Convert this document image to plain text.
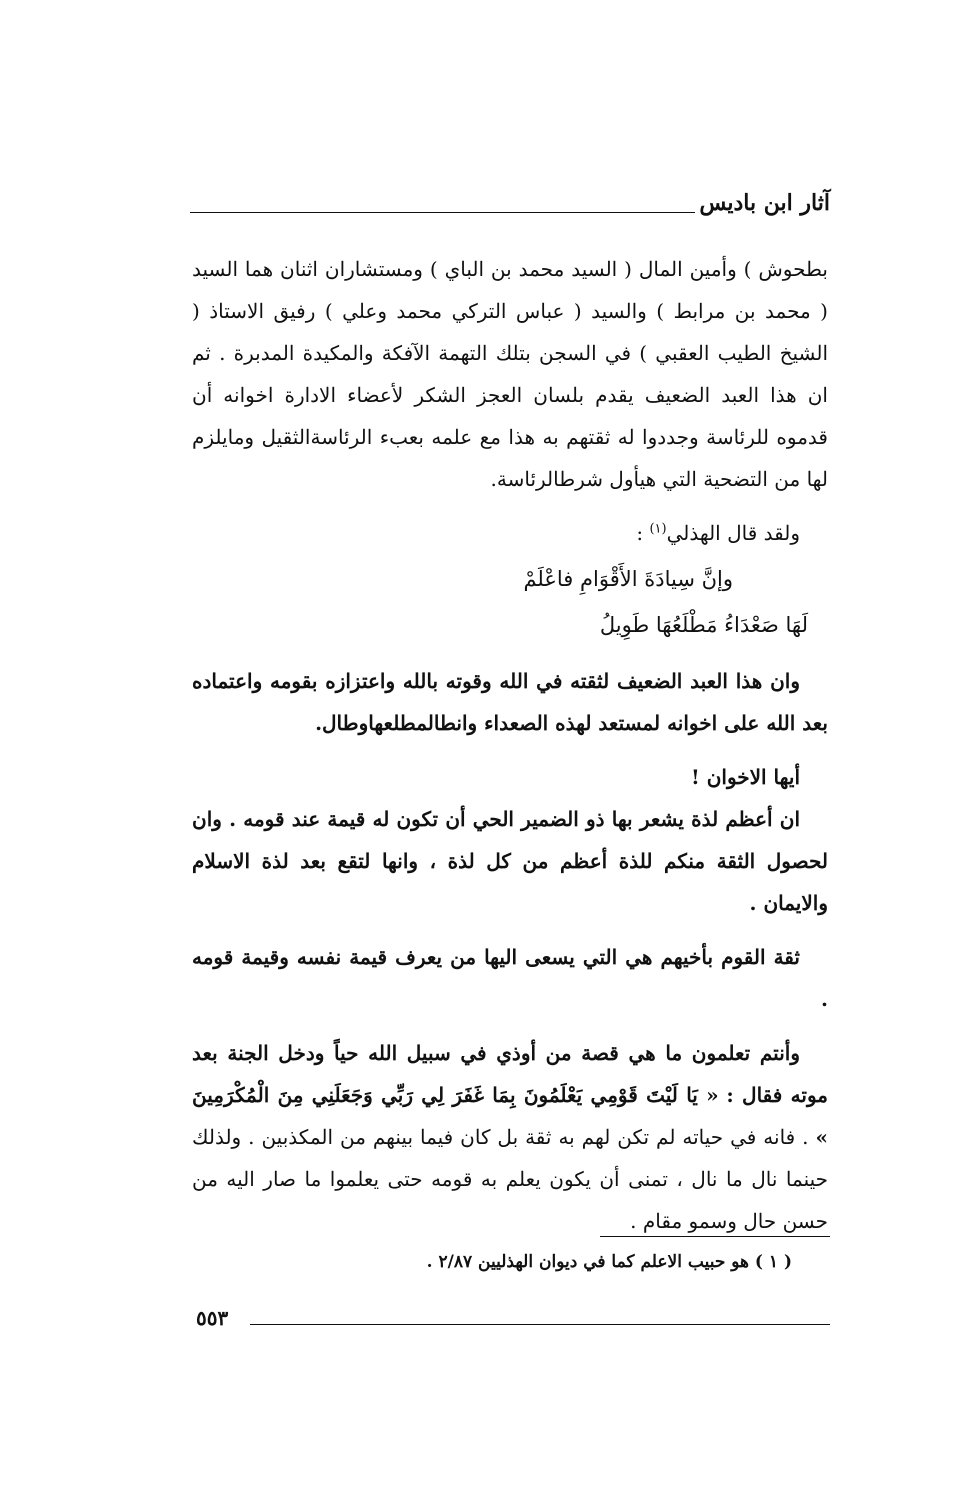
آثار ابن باديس

بطحوش ) وأمين المال ( السيد محمد بن الباي ) ومستشاران اثنان هما السيد ( محمد بن مرابط ) والسيد ( عباس التركي محمد وعلي ) رفيق الاستاذ ( الشيخ الطيب العقبي ) في السجن بتلك التهمة الآفكة والمكيدة المدبرة . ثم ان هذا العبد الضعيف يقدم بلسان العجز الشكر لأعضاء الادارة اخوانه أن قدموه للرئاسة وجددوا له ثقتهم به هذا مع علمه بعبء الرئاسةالثقيل ومايلزم لها من التضحية التي هيأول شرطالرئاسة.

ولقد قال الهذلي$^{(١)}$ :

وإنَّ سِيادَةَ الأَقْوَامِ فاعْلَمْ
لَهَا صَعْدَاءُ مَطْلَعُهَا طَوِيلُ

وان هذا العبد الضعيف لثقته في الله وقوته بالله واعتزازه بقومه واعتماده بعد الله على اخوانه لمستعد لهذه الصعداء وانطالمطلعهاوطال.

أيها الاخوان !

ان أعظم لذة يشعر بها ذو الضمير الحي أن تكون له قيمة عند قومه . وان لحصول الثقة منكم للذة أعظم من كل لذة ، وانها لتقع بعد لذة الاسلام والايمان .

ثقة القوم بأخيهم هي التي يسعى اليها من يعرف قيمة نفسه وقيمة قومه .

وأنتم تعلمون ما هي قصة من أوذي في سبيل الله حياً ودخل الجنة بعد موته فقال : « يَا لَيْتَ قَوْمِي يَعْلَمُونَ بِمَا غَفَرَ لِي رَبِّي وَجَعَلَنِي مِنَ الْمُكْرَمِينَ » . فانه في حياته لم تكن لهم به ثقة بل كان فيما بينهم من المكذبين . ولذلك حينما نال ما نال ، تمنى أن يكون يعلم به قومه حتى يعلموا ما صار اليه من حسن حال وسمو مقام .

( ١ ) هو حبيب الاعلم كما في ديوان الهذليين ٢/٨٧ .
٥٥٣
